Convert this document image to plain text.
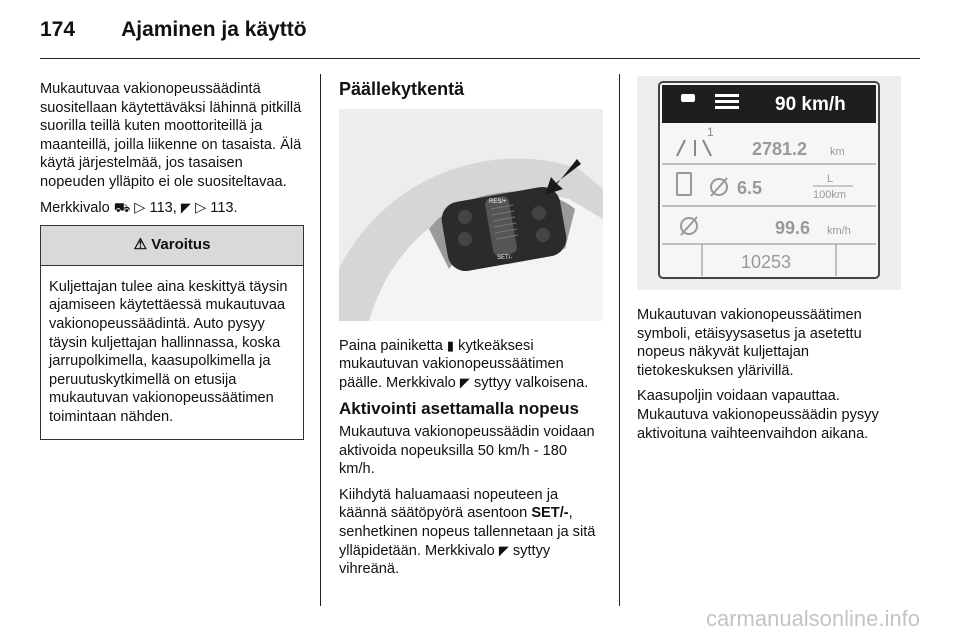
174 Ajaminen ja käyttö

Mukautuvaa vakionopeussäädintä suositellaan käytettäväksi lähinnä pitkillä suorilla teillä kuten moottoriteillä ja maanteillä, joilla liikenne on tasaista. Älä käytä järjestelmää, jos tasaisen nopeuden ylläpito ei ole suositeltavaa.

Merkkivalo ⛟ ▷ 113, ◤ ▷ 113.

⚠ Varoitus
Kuljettajan tulee aina keskittyä täysin ajamiseen käytettäessä mukautuvaa vakionopeussäädintä. Auto pysyy täysin kuljettajan hallinnassa, koska jarrupolkimella, kaasupolkimella ja peruutuskytkimellä on etusija mukautuvan vakionopeussäätimen toimintaan nähden.
Päällekytkentä
RES/+
SET/-

Paina painiketta ▮ kytkeäksesi mukautuvan vakionopeussäätimen päälle. Merkkivalo ◤ syttyy valkoisena.

Aktivointi asettamalla nopeus

Mukautuva vakionopeussäädin voidaan aktivoida nopeuksilla 50 km/h - 180 km/h.

Kiihdytä haluamaasi nopeuteen ja käännä säätöpyörä asentoon SET/-, senhetkinen nopeus tallennetaan ja sitä ylläpidetään. Merkkivalo ◤ syttyy vihreänä.

90 km/h
1
2781.2 km
6.5	L
100km
99.6 km/h
10253

Mukautuvan vakionopeussäätimen symboli, etäisyysasetus ja asetettu nopeus näkyvät kuljettajan tietokeskuksen ylärivillä.

Kaasupoljin voidaan vapauttaa. Mukautuva vakionopeussäädin pysyy aktivoituna vaihteenvaihdon aikana.

carmanualsonline.info
